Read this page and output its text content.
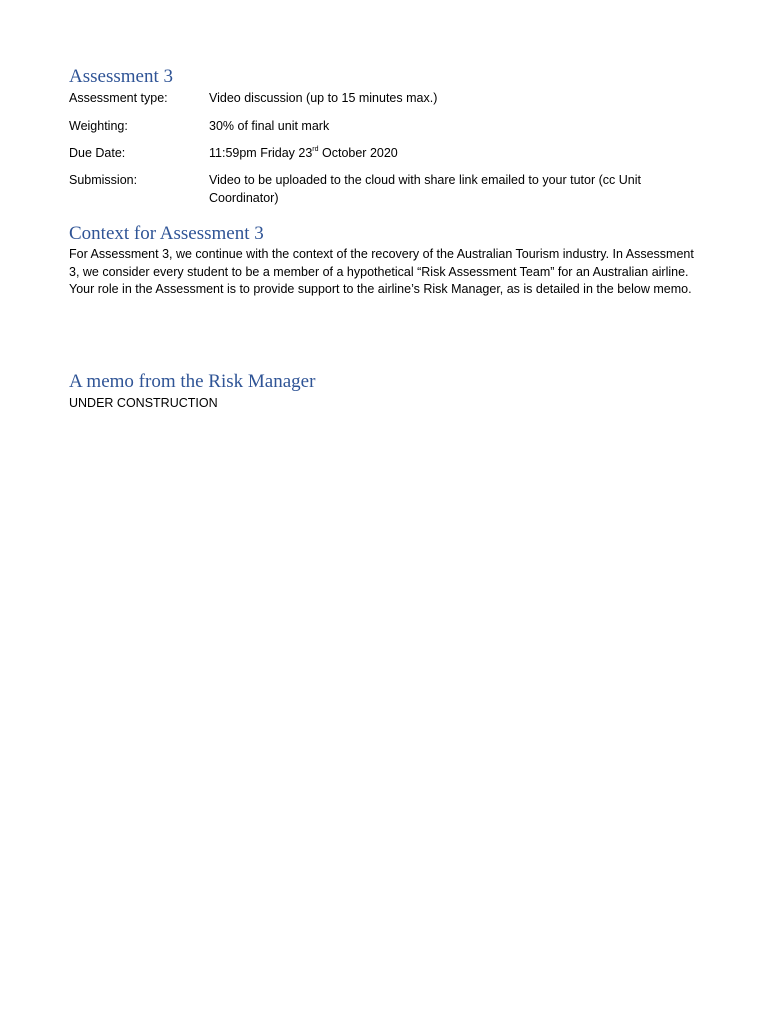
Assessment 3
Assessment type:	Video discussion (up to 15 minutes max.)
Weighting:	30% of final unit mark
Due Date:	11:59pm Friday 23rd October 2020
Submission:	Video to be uploaded to the cloud with share link emailed to your tutor (cc Unit Coordinator)
Context for Assessment 3

For Assessment 3, we continue with the context of the recovery of the Australian Tourism industry. In Assessment 3, we consider every student to be a member of a hypothetical “Risk Assessment Team” for an Australian airline. Your role in the Assessment is to provide support to the airline’s Risk Manager, as is detailed in the below memo.

A memo from the Risk Manager
UNDER CONSTRUCTION
